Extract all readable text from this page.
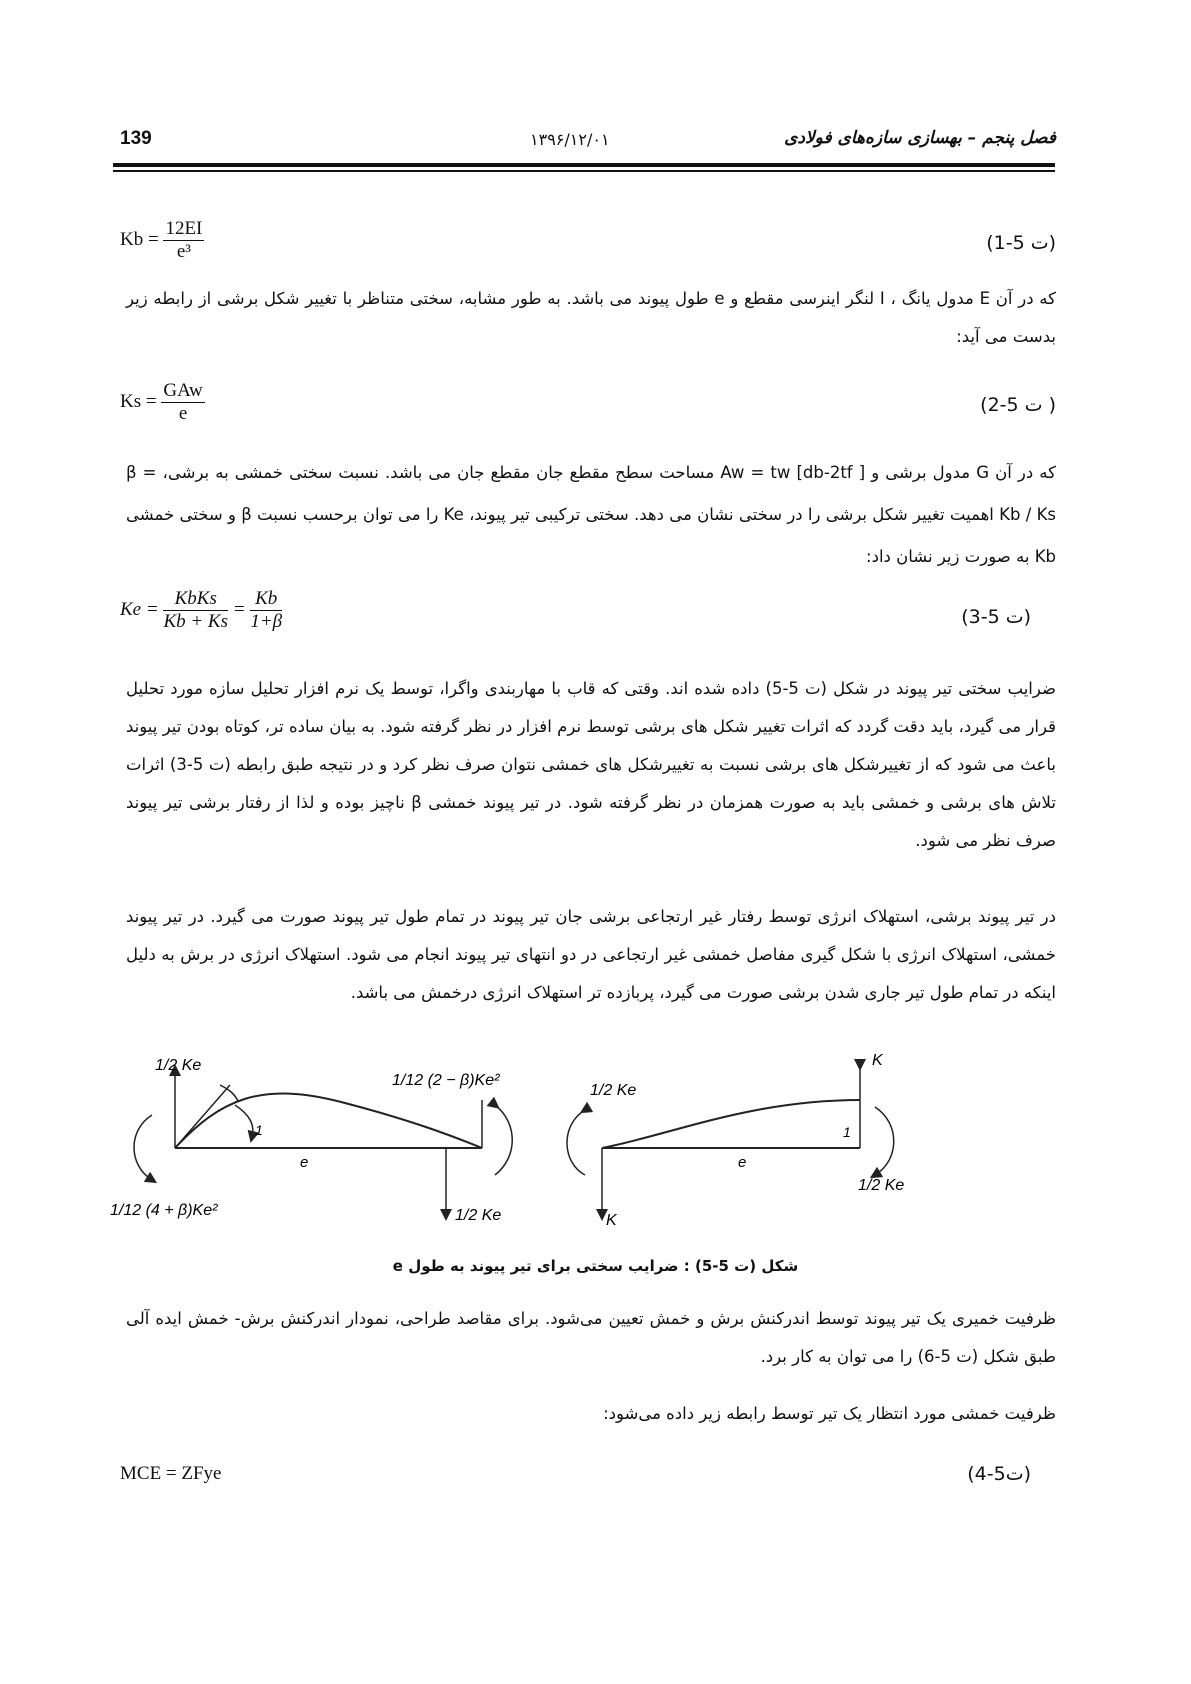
فصل پنجم – بهسازی سازه‌های فولادی
۱۳۹۶/۱۲/۰۱
139
$Kb = \frac{12EI}{\text{e³}}$	(ت 5-1)
که در آن E مدول یانگ ، I لنگر اینرسی مقطع و e طول پیوند می باشد. به طور مشابه، سختی متناظر با تغییر شکل برشی از رابطه زیر بدست می آید:
$Ks = \frac{\text{GAw}}{e}$	( ت 5-2)
که در آن G مدول برشی و Aw = tw [db-2tf ] مساحت سطح مقطع جان مقطع جان می باشد. نسبت سختی خمشی به برشی، β = Kb / Ks اهمیت تغییر شکل برشی را در سختی نشان می دهد. سختی ترکیبی تیر پیوند، Ke را می توان برحسب نسبت β و سختی خمشی Kb به صورت زیر نشان داد:
$Ke = \frac{\text{KbKs}}{Kb + Ks} = \frac{Kb}{1+\beta}$	(ت 5-3)
ضرایب سختی تیر پیوند در شکل (ت 5-5) داده شده اند. وقتی که قاب با مهاربندی واگرا، توسط یک نرم افزار تحلیل سازه مورد تحلیل قرار می گیرد، باید دقت گردد که اثرات تغییر شکل های برشی توسط نرم افزار در نظر گرفته شود. به بیان ساده تر، کوتاه بودن تیر پیوند باعث می شود که از تغییرشکل های برشی نسبت به تغییرشکل های خمشی نتوان صرف نظر کرد و در نتیجه طبق رابطه (ت 5-3) اثرات تلاش های برشی و خمشی باید به صورت همزمان در نظر گرفته شود. در تیر پیوند خمشی β ناچیز بوده و لذا از رفتار برشی تیر پیوند صرف نظر می شود.
در تیر پیوند برشی، استهلاک انرژی توسط رفتار غیر ارتجاعی برشی جان تیر پیوند در تمام طول تیر پیوند صورت می گیرد. در تیر پیوند خمشی، استهلاک انرژی با شکل گیری مفاصل خمشی غیر ارتجاعی در دو انتهای تیر پیوند انجام می شود. استهلاک انرژی در برش به دلیل اینکه در تمام طول تیر جاری شدن برشی صورت می گیرد، پربازده تر استهلاک انرژی درخمش می باشد.
1/2 Ke
1/12 (4 + β)Ke²
1/12 (2 − β)Ke²
1/2 Ke
1
e
1/2 Ke
K
K
1/2 Ke
1
e
شکل (ت 5-5) : ضرایب سختی برای تیر پیوند به طول e
ظرفیت خمیری یک تیر پیوند توسط اندرکنش برش و خمش تعیین می‌شود. برای مقاصد طراحی، نمودار اندرکنش برش- خمش ایده آلی طبق شکل (ت 5-6) را می توان به کار برد.
ظرفیت خمشی مورد انتظار یک تیر توسط رابطه زیر داده می‌شود:
MCE = ZFye	(ت5-4)
